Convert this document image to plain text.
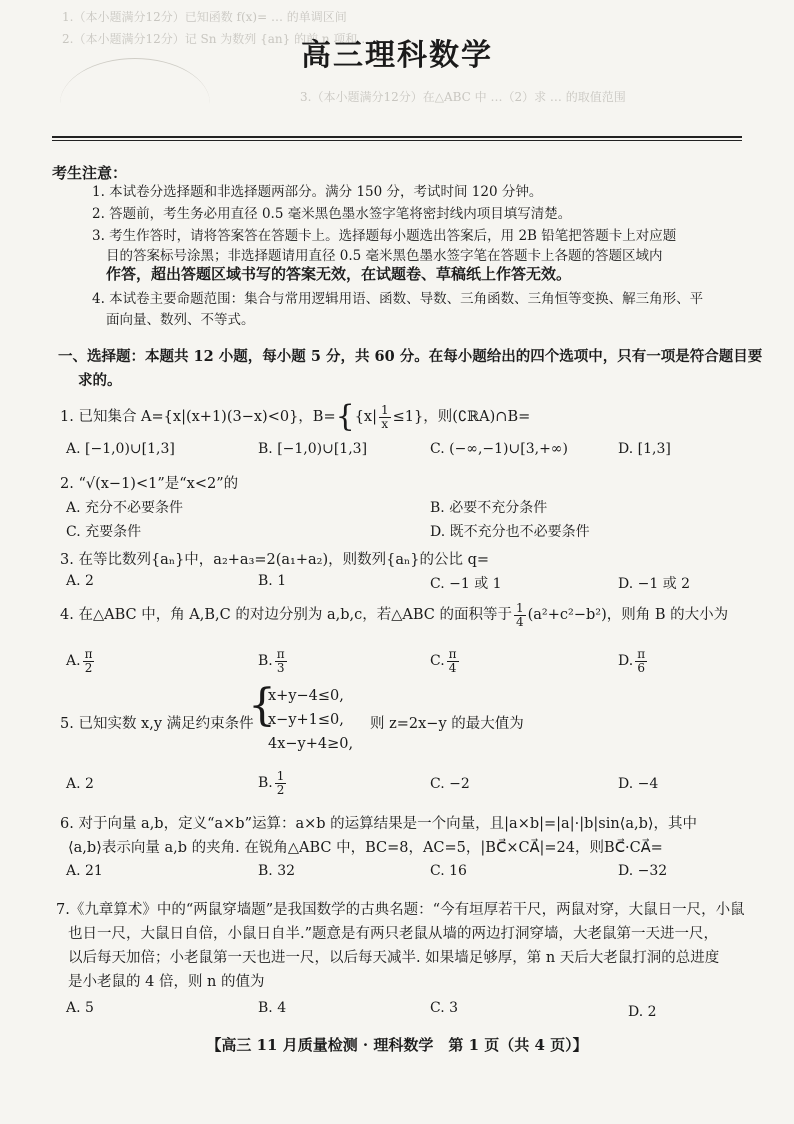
1.（本小题满分12分）已知函数 f(x)= … 的单调区间
2.（本小题满分12分）记 Sn 为数列 {an} 的前 n 项和 …
3.（本小题满分12分）在△ABC 中 …（2）求 … 的取值范围
高三理科数学
考生注意：
1. 本试卷分选择题和非选择题两部分。满分 150 分，考试时间 120 分钟。
2. 答题前，考生务必用直径 0.5 毫米黑色墨水签字笔将密封线内项目填写清楚。
3. 考生作答时，请将答案答在答题卡上。选择题每小题选出答案后，用 2B 铅笔把答题卡上对应题
目的答案标号涂黑；非选择题请用直径 0.5 毫米黑色墨水签字笔在答题卡上各题的答题区域内
作答，超出答题区域书写的答案无效，在试题卷、草稿纸上作答无效。
4. 本试卷主要命题范围：集合与常用逻辑用语、函数、导数、三角函数、三角恒等变换、解三角形、平
面向量、数列、不等式。
一、选择题：本题共 12 小题，每小题 5 分，共 60 分。在每小题给出的四个选项中，只有一项是符合题目要
求的。
1. 已知集合 A={x|(x+1)(3−x)<0}，$B=\{\{x| \frac{1}{x} \le 1\}$，则(∁ℝA)∩B=
A. [−1,0)∪[1,3]	B. [−1,0)∪[1,3]	C. (−∞,−1)∪[3,+∞)	D. [1,3]
2. “√(x−1)<1”是“x<2”的
A. 充分不必要条件	B. 必要不充分条件
C. 充要条件	D. 既不充分也不必要条件
3. 在等比数列{aₙ}中，a₂+a₃=2(a₁+a₂)，则数列{aₙ}的公比 q=
A. 2	B. 1	C. −1 或 1	D. −1 或 2
4. 在△ABC 中，角 A,B,C 的对边分别为 a,b,c，若△ABC 的面积等于 $\frac{1}{4} (a^2+c^2-b^2)$，则角 B 的大小为
A. $\frac{\pi}{2}$	B. $\frac{\pi}{3}$	C. $\frac{\pi}{4}$	D. $\frac{\pi}{6}$
5. 已知实数 x,y 满足约束条件
{
x+y−4≤0,
x−y+1≤0,
4x−y+4≥0,
则 z=2x−y 的最大值为
A. 2	B. $\frac{1}{2}$	C. −2	D. −4
6. 对于向量 a,b，定义“a×b”运算：a×b 的运算结果是一个向量，且|a×b|=|a|·|b|sin⟨a,b⟩，其中
⟨a,b⟩表示向量 a,b 的夹角. 在锐角△ABC 中，BC=8，AC=5，|BC⃗×CA⃗|=24，则BC⃗·CA⃗=
A. 21	B. 32	C. 16	D. −32
7.《九章算术》中的“两鼠穿墙题”是我国数学的古典名题：“今有垣厚若干尺，两鼠对穿，大鼠日一尺，小鼠
也日一尺，大鼠日自倍，小鼠日自半.”题意是有两只老鼠从墙的两边打洞穿墙，大老鼠第一天进一尺，
以后每天加倍；小老鼠第一天也进一尺，以后每天减半. 如果墙足够厚，第 n 天后大老鼠打洞的总进度
是小老鼠的 4 倍，则 n 的值为
A. 5	B. 4	C. 3	D. 2
【高三 11 月质量检测 · 理科数学　第 1 页（共 4 页）】
